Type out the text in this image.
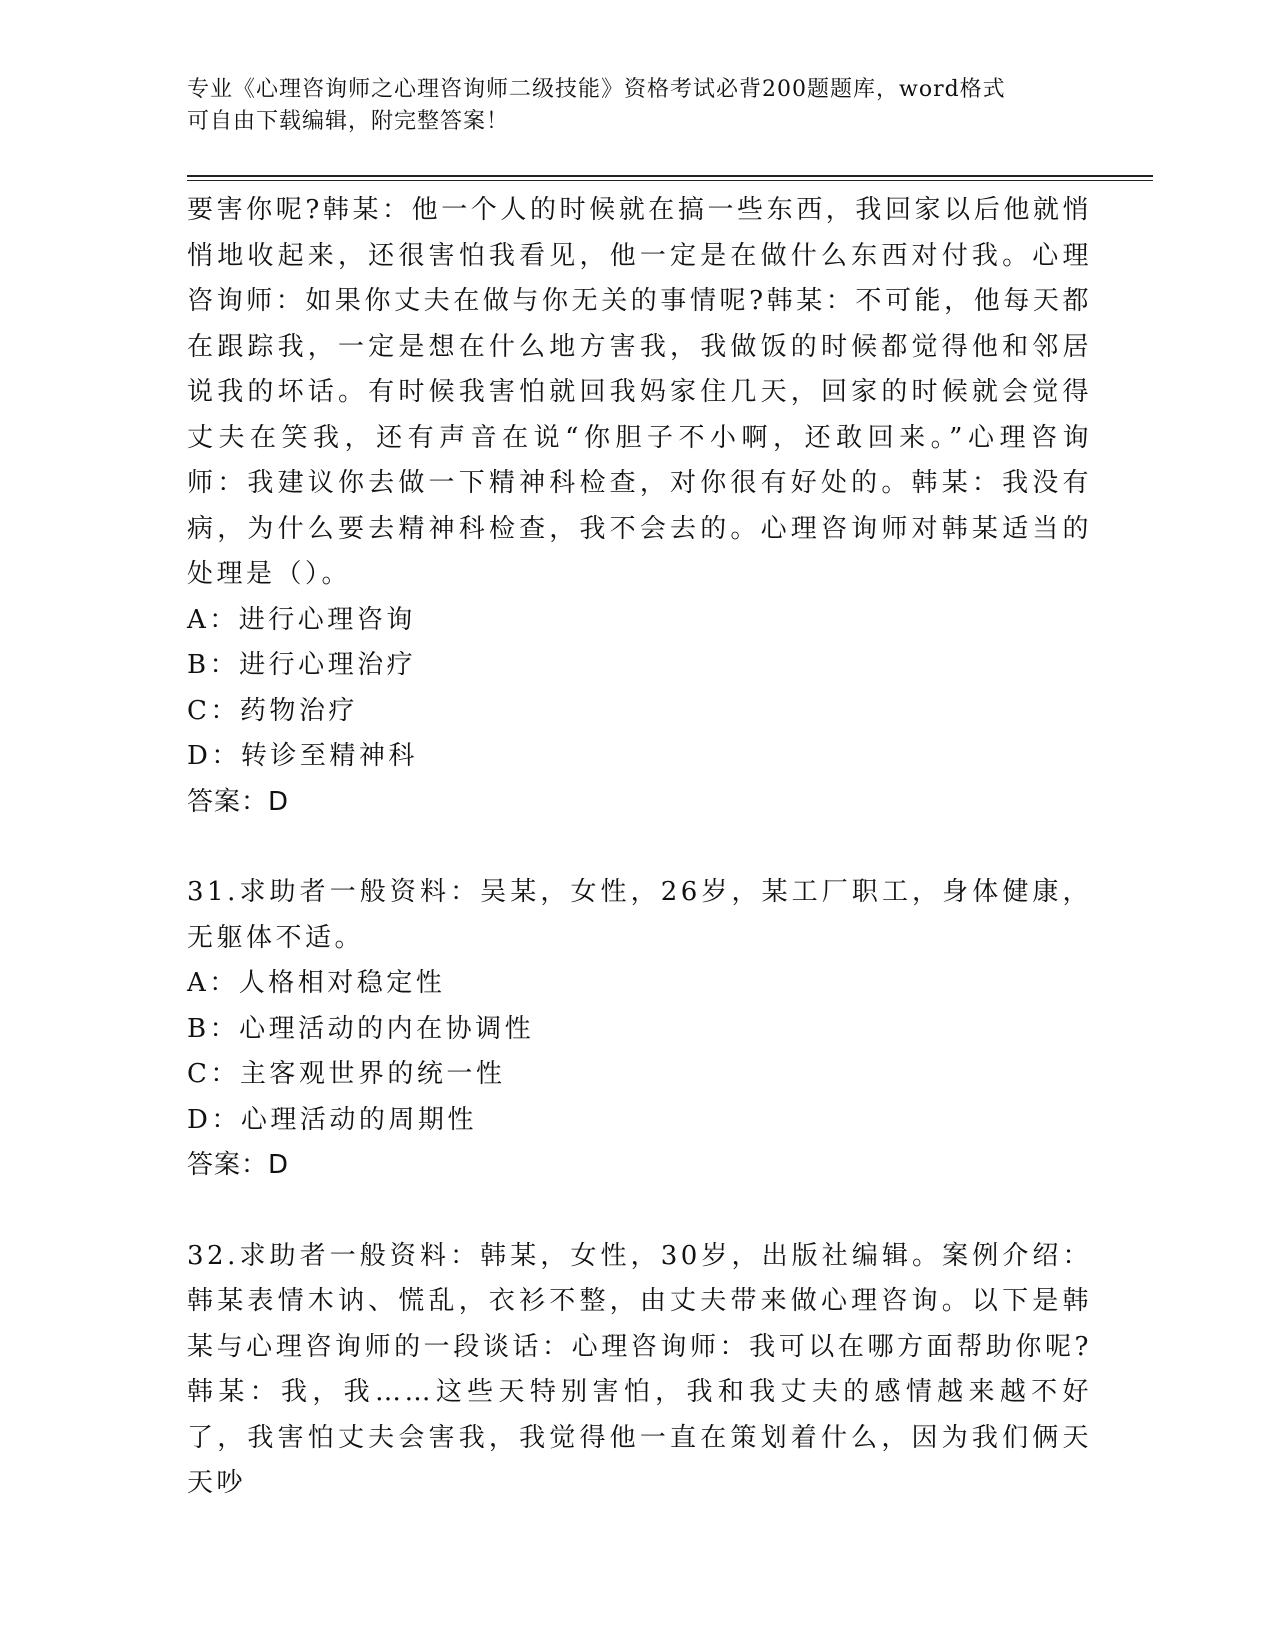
专业《心理咨询师之心理咨询师二级技能》资格考试必背200题题库，word格式
可自由下载编辑，附完整答案！

要害你呢?韩某：他一个人的时候就在搞一些东西，我回家以后他就悄悄地收起来，还很害怕我看见，他一定是在做什么东西对付我。心理咨询师：如果你丈夫在做与你无关的事情呢?韩某：不可能，他每天都在跟踪我，一定是想在什么地方害我，我做饭的时候都觉得他和邻居说我的坏话。有时候我害怕就回我妈家住几天，回家的时候就会觉得丈夫在笑我，还有声音在说“你胆子不小啊，还敢回来。”心理咨询师：我建议你去做一下精神科检查，对你很有好处的。韩某：我没有病，为什么要去精神科检查，我不会去的。心理咨询师对韩某适当的处理是（）。

A：进行心理咨询

B：进行心理治疗

C：药物治疗

D：转诊至精神科

答案：D

31.求助者一般资料：吴某，女性，26岁，某工厂职工，身体健康，无躯体不适。

A：人格相对稳定性

B：心理活动的内在协调性

C：主客观世界的统一性

D：心理活动的周期性

答案：D

32.求助者一般资料：韩某，女性，30岁，出版社编辑。案例介绍：韩某表情木讷、慌乱，衣衫不整，由丈夫带来做心理咨询。以下是韩某与心理咨询师的一段谈话：心理咨询师：我可以在哪方面帮助你呢?韩某：我，我……这些天特别害怕，我和我丈夫的感情越来越不好了，我害怕丈夫会害我，我觉得他一直在策划着什么，因为我们俩天天吵
